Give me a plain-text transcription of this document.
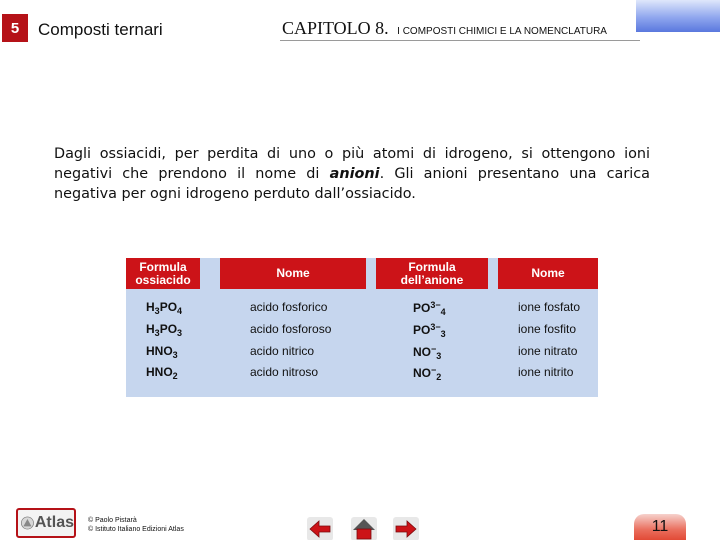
5	Composti ternari	CAPITOLO 8. I COMPOSTI CHIMICI E LA NOMENCLATURA
Dagli ossiacidi, per perdita di uno o più atomi di idrogeno, si ottengono ioni negativi che prendono il nome di anioni. Gli anioni presentano una carica negativa per ogni idrogeno perduto dall’ossiacido.
Formula ossiacido	Nome	Formula dell’anione	Nome
$H_3PO_4$	acido fosforico	$PO^{3-}_4$	ione fosfato
$H_3PO_3$	acido fosforoso	$PO^{3-}_3$	ione fosfito
$HNO_3$	acido nitrico	$NO^-_3$	ione nitrato
$HNO_2$	acido nitroso	$NO^-_2$	ione nitrito
Atlas © Paolo Pistarà
© Istituto Italiano Edizioni Atlas	11
